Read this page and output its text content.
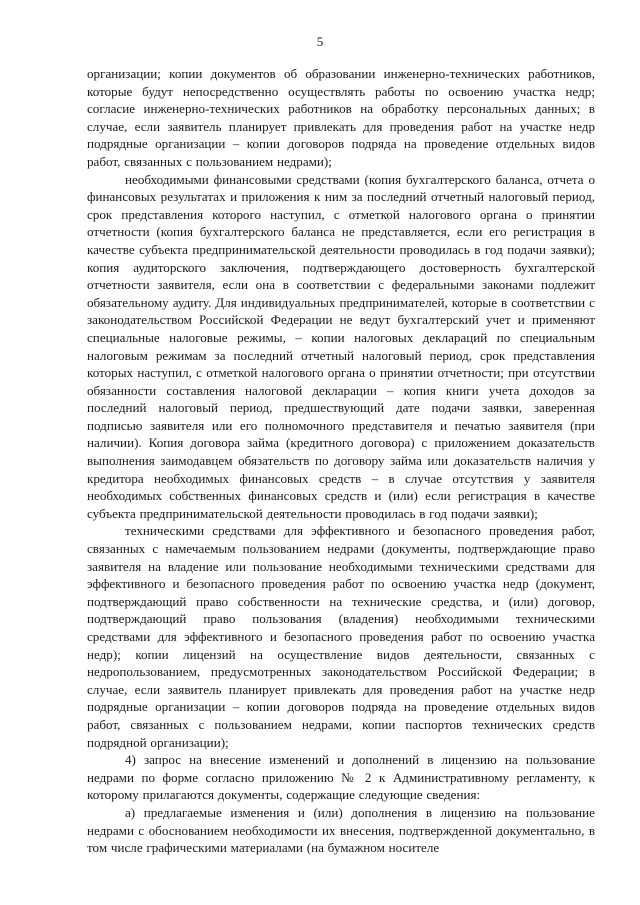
5

организации; копии документов об образовании инженерно-технических работников, которые будут непосредственно осуществлять работы по освоению участка недр; согласие инженерно-технических работников на обработку персональных данных; в случае, если заявитель планирует привлекать для проведения работ на участке недр подрядные организации – копии договоров подряда на проведение отдельных видов работ, связанных с пользованием недрами);

необходимыми финансовыми средствами (копия бухгалтерского баланса, отчета о финансовых результатах и приложения к ним за последний отчетный налоговый период, срок представления которого наступил, с отметкой налогового органа о принятии отчетности (копия бухгалтерского баланса не представляется, если его регистрация в качестве субъекта предпринимательской деятельности проводилась в год подачи заявки); копия аудиторского заключения, подтверждающего достоверность бухгалтерской отчетности заявителя, если она в соответствии с федеральными законами подлежит обязательному аудиту. Для индивидуальных предпринимателей, которые в соответствии с законодательством Российской Федерации не ведут бухгалтерский учет и применяют специальные налоговые режимы, – копии налоговых деклараций по специальным налоговым режимам за последний отчетный налоговый период, срок представления которых наступил, с отметкой налогового органа о принятии отчетности; при отсутствии обязанности составления налоговой декларации – копия книги учета доходов за последний налоговый период, предшествующий дате подачи заявки, заверенная подписью заявителя или его полномочного представителя и печатью заявителя (при наличии). Копия договора займа (кредитного договора) с приложением доказательств выполнения заимодавцем обязательств по договору займа или доказательств наличия у кредитора необходимых финансовых средств – в случае отсутствия у заявителя необходимых собственных финансовых средств и (или) если регистрация в качестве субъекта предпринимательской деятельности проводилась в год подачи заявки);

техническими средствами для эффективного и безопасного проведения работ, связанных с намечаемым пользованием недрами (документы, подтверждающие право заявителя на владение или пользование необходимыми техническими средствами для эффективного и безопасного проведения работ по освоению участка недр (документ, подтверждающий право собственности на технические средства, и (или) договор, подтверждающий право пользования (владения) необходимыми техническими средствами для эффективного и безопасного проведения работ по освоению участка недр); копии лицензий на осуществление видов деятельности, связанных с недропользованием, предусмотренных законодательством Российской Федерации; в случае, если заявитель планирует привлекать для проведения работ на участке недр подрядные организации – копии договоров подряда на проведение отдельных видов работ, связанных с пользованием недрами, копии паспортов технических средств подрядной организации);

4) запрос на внесение изменений и дополнений в лицензию на пользование недрами по форме согласно приложению № 2 к Административному регламенту, к которому прилагаются документы, содержащие следующие сведения:

а) предлагаемые изменения и (или) дополнения в лицензию на пользование недрами с обоснованием необходимости их внесения, подтвержденной документально, в том числе графическими материалами (на бумажном носителе
